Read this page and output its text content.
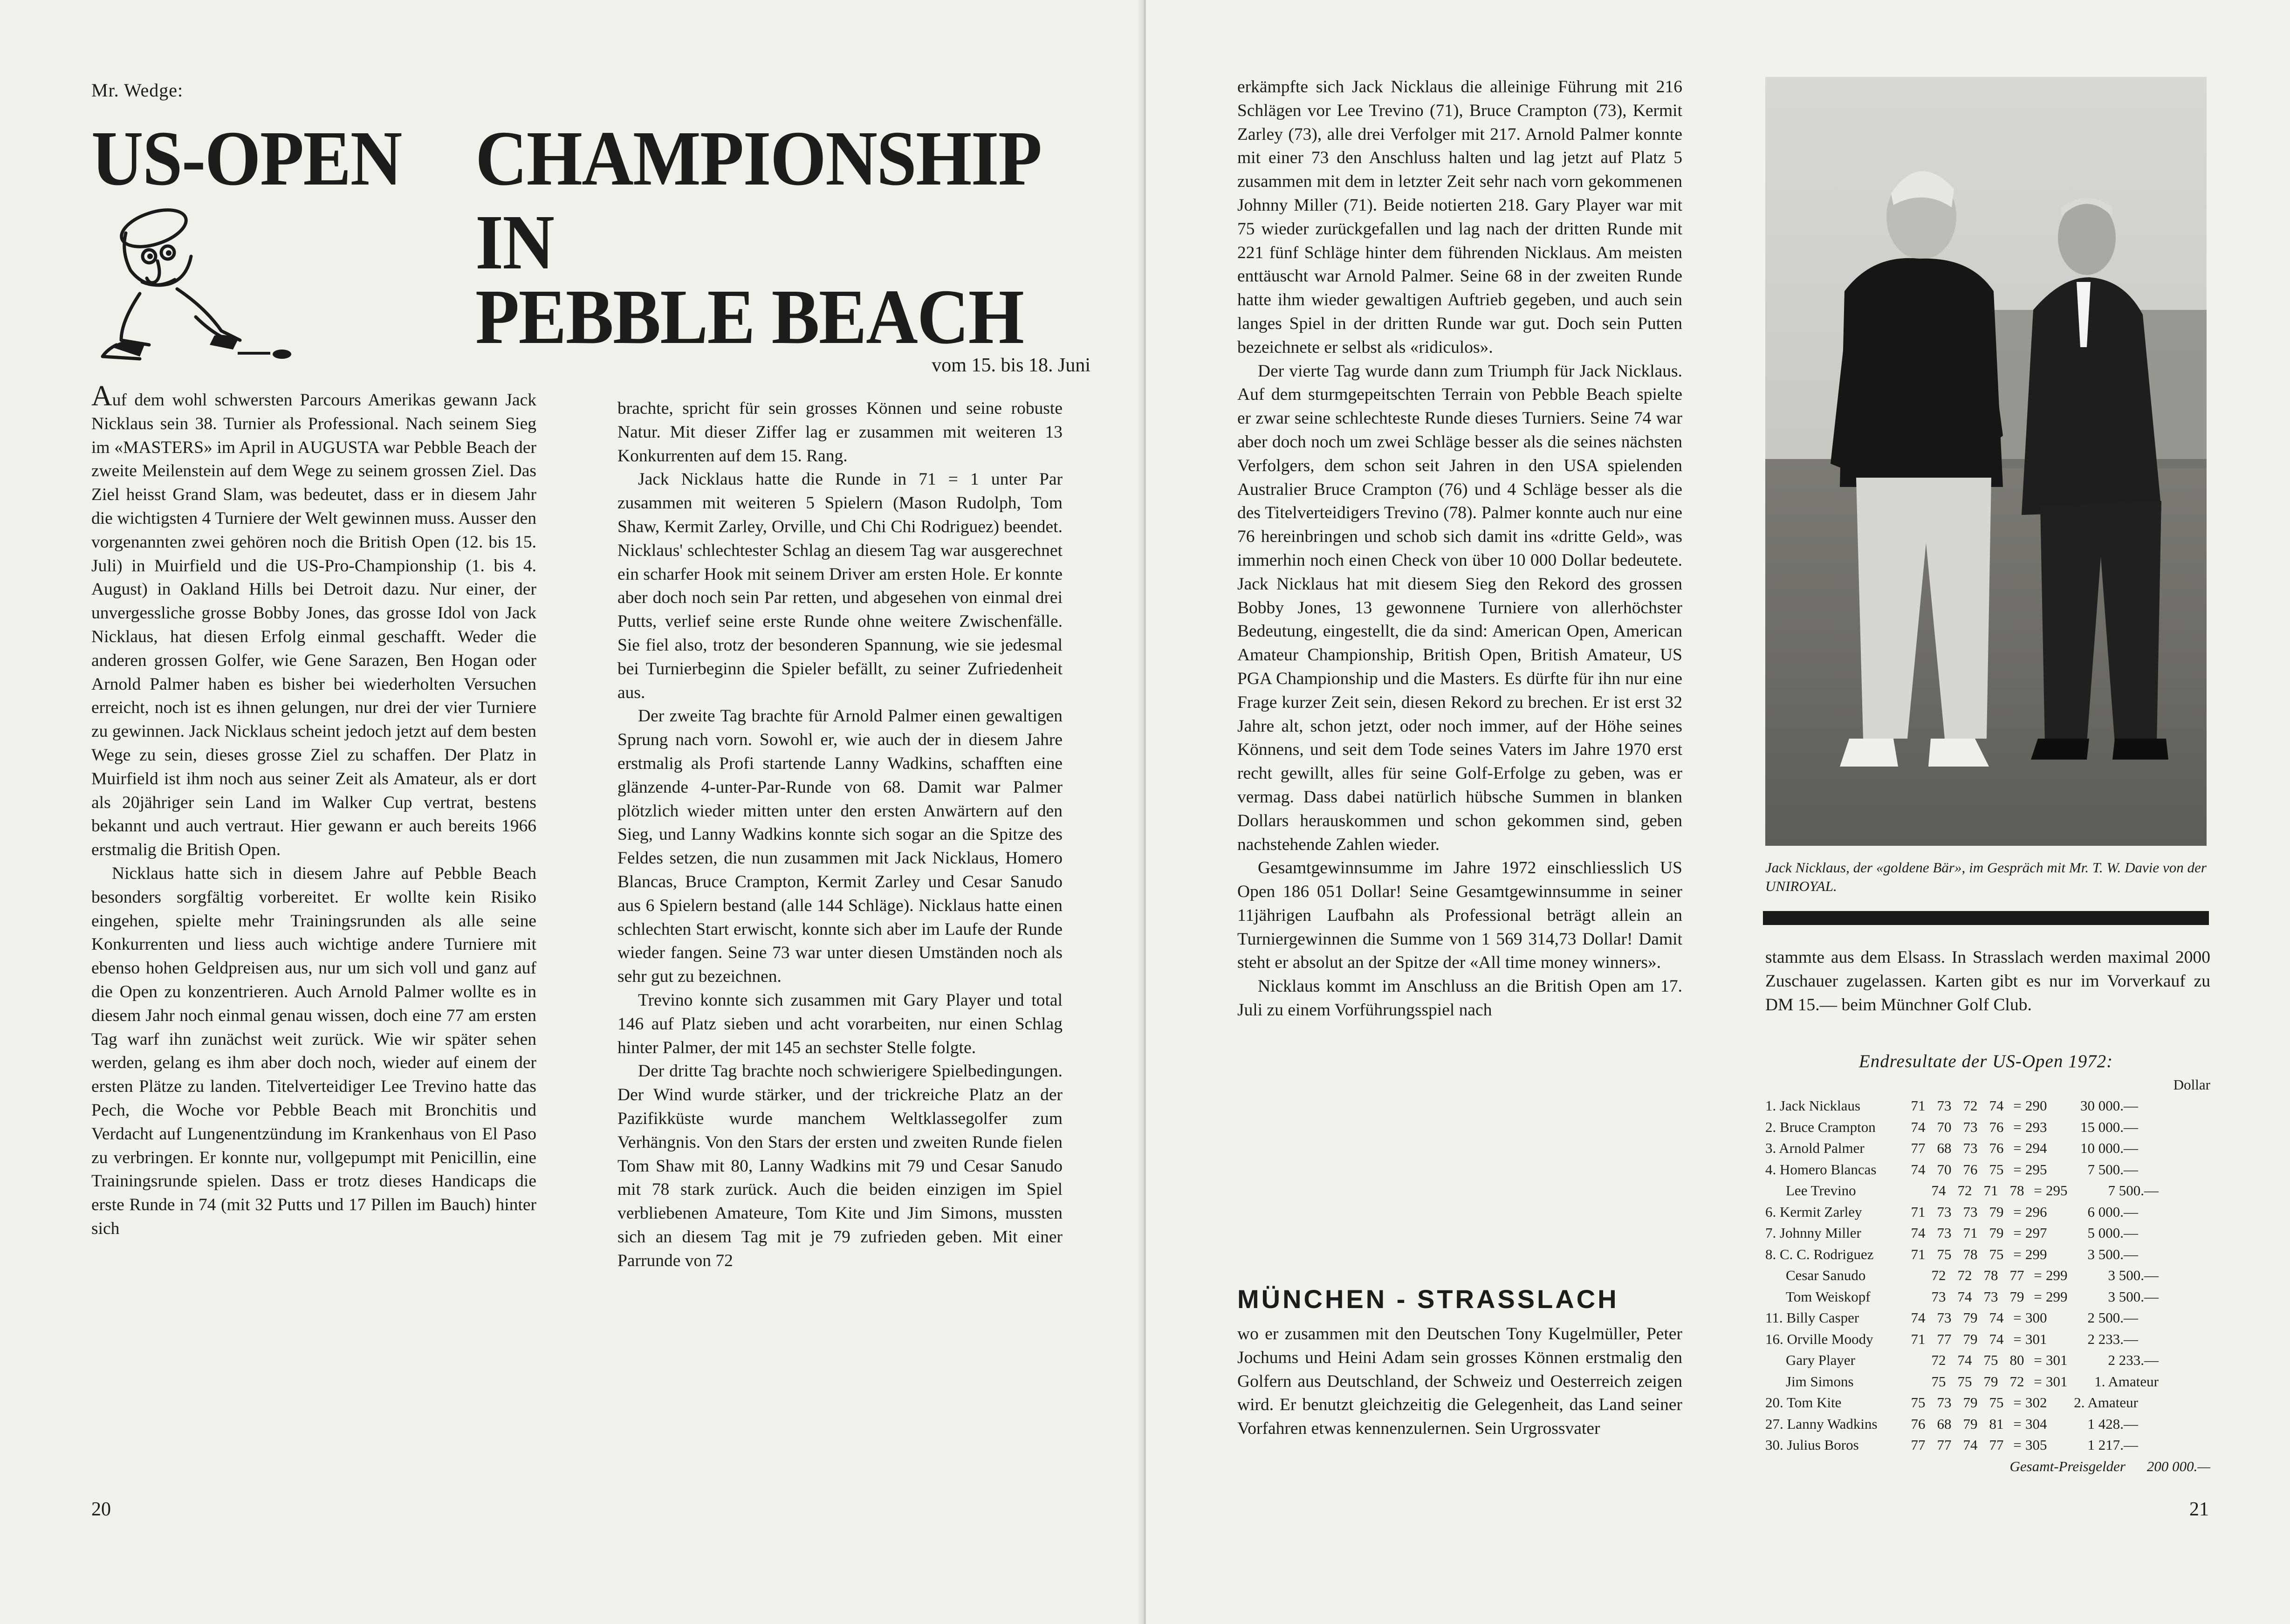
Mr. Wedge:
US-OPEN CHAMPIONSHIP
IN
PEBBLE BEACH
vom 15. bis 18. Juni

Auf dem wohl schwersten Parcours Amerikas gewann Jack Nicklaus sein 38. Turnier als Professional. Nach seinem Sieg im «MASTERS» im April in AUGUSTA war Pebble Beach der zweite Meilenstein auf dem Wege zu seinem grossen Ziel. Das Ziel heisst Grand Slam, was bedeutet, dass er in diesem Jahr die wichtigsten 4 Turniere der Welt gewinnen muss. Ausser den vorgenannten zwei gehören noch die British Open (12. bis 15. Juli) in Muirfield und die US-Pro-Championship (1. bis 4. August) in Oakland Hills bei Detroit dazu. Nur einer, der unvergessliche grosse Bobby Jones, das grosse Idol von Jack Nicklaus, hat diesen Erfolg einmal geschafft. Weder die anderen grossen Golfer, wie Gene Sarazen, Ben Hogan oder Arnold Palmer haben es bisher bei wiederholten Versuchen erreicht, noch ist es ihnen gelungen, nur drei der vier Turniere zu gewinnen. Jack Nicklaus scheint jedoch jetzt auf dem besten Wege zu sein, dieses grosse Ziel zu schaffen. Der Platz in Muirfield ist ihm noch aus seiner Zeit als Amateur, als er dort als 20jähriger sein Land im Walker Cup vertrat, bestens bekannt und auch vertraut. Hier gewann er auch bereits 1966 erstmalig die British Open.

Nicklaus hatte sich in diesem Jahre auf Pebble Beach besonders sorgfältig vorbereitet. Er wollte kein Risiko eingehen, spielte mehr Trainingsrunden als alle seine Konkurrenten und liess auch wichtige andere Turniere mit ebenso hohen Geldpreisen aus, nur um sich voll und ganz auf die Open zu konzentrieren. Auch Arnold Palmer wollte es in diesem Jahr noch einmal genau wissen, doch eine 77 am ersten Tag warf ihn zunächst weit zurück. Wie wir später sehen werden, gelang es ihm aber doch noch, wieder auf einem der ersten Plätze zu landen. Titelverteidiger Lee Trevino hatte das Pech, die Woche vor Pebble Beach mit Bronchitis und Verdacht auf Lungenentzündung im Krankenhaus von El Paso zu verbringen. Er konnte nur, vollgepumpt mit Penicillin, eine Trainingsrunde spielen. Dass er trotz dieses Handicaps die erste Runde in 74 (mit 32 Putts und 17 Pillen im Bauch) hinter sich

brachte, spricht für sein grosses Können und seine robuste Natur. Mit dieser Ziffer lag er zusammen mit weiteren 13 Konkurrenten auf dem 15. Rang.

Jack Nicklaus hatte die Runde in 71 = 1 unter Par zusammen mit weiteren 5 Spielern (Mason Rudolph, Tom Shaw, Kermit Zarley, Orville, und Chi Chi Rodriguez) beendet. Nicklaus' schlechtester Schlag an diesem Tag war ausgerechnet ein scharfer Hook mit seinem Driver am ersten Hole. Er konnte aber doch noch sein Par retten, und abgesehen von einmal drei Putts, verlief seine erste Runde ohne weitere Zwischenfälle. Sie fiel also, trotz der besonderen Spannung, wie sie jedesmal bei Turnierbeginn die Spieler befällt, zu seiner Zufriedenheit aus.

Der zweite Tag brachte für Arnold Palmer einen gewaltigen Sprung nach vorn. Sowohl er, wie auch der in diesem Jahre erstmalig als Profi startende Lanny Wadkins, schafften eine glänzende 4-unter-Par-Runde von 68. Damit war Palmer plötzlich wieder mitten unter den ersten Anwärtern auf den Sieg, und Lanny Wadkins konnte sich sogar an die Spitze des Feldes setzen, die nun zusammen mit Jack Nicklaus, Homero Blancas, Bruce Crampton, Kermit Zarley und Cesar Sanudo aus 6 Spielern bestand (alle 144 Schläge). Nicklaus hatte einen schlechten Start erwischt, konnte sich aber im Laufe der Runde wieder fangen. Seine 73 war unter diesen Umständen noch als sehr gut zu bezeichnen.

Trevino konnte sich zusammen mit Gary Player und total 146 auf Platz sieben und acht vorarbeiten, nur einen Schlag hinter Palmer, der mit 145 an sechster Stelle folgte.

Der dritte Tag brachte noch schwierigere Spielbedingungen. Der Wind wurde stärker, und der trickreiche Platz an der Pazifikküste wurde manchem Weltklassegolfer zum Verhängnis. Von den Stars der ersten und zweiten Runde fielen Tom Shaw mit 80, Lanny Wadkins mit 79 und Cesar Sanudo mit 78 stark zurück. Auch die beiden einzigen im Spiel verbliebenen Amateure, Tom Kite und Jim Simons, mussten sich an diesem Tag mit je 79 zufrieden geben. Mit einer Parrunde von 72

20

erkämpfte sich Jack Nicklaus die alleinige Führung mit 216 Schlägen vor Lee Trevino (71), Bruce Crampton (73), Kermit Zarley (73), alle drei Verfolger mit 217. Arnold Palmer konnte mit einer 73 den Anschluss halten und lag jetzt auf Platz 5 zusammen mit dem in letzter Zeit sehr nach vorn gekommenen Johnny Miller (71). Beide notierten 218. Gary Player war mit 75 wieder zurückgefallen und lag nach der dritten Runde mit 221 fünf Schläge hinter dem führenden Nicklaus. Am meisten enttäuscht war Arnold Palmer. Seine 68 in der zweiten Runde hatte ihm wieder gewaltigen Auftrieb gegeben, und auch sein langes Spiel in der dritten Runde war gut. Doch sein Putten bezeichnete er selbst als «ridiculos».

Der vierte Tag wurde dann zum Triumph für Jack Nicklaus. Auf dem sturmgepeitschten Terrain von Pebble Beach spielte er zwar seine schlechteste Runde dieses Turniers. Seine 74 war aber doch noch um zwei Schläge besser als die seines nächsten Verfolgers, dem schon seit Jahren in den USA spielenden Australier Bruce Crampton (76) und 4 Schläge besser als die des Titelverteidigers Trevino (78). Palmer konnte auch nur eine 76 hereinbringen und schob sich damit ins «dritte Geld», was immerhin noch einen Check von über 10 000 Dollar bedeutete. Jack Nicklaus hat mit diesem Sieg den Rekord des grossen Bobby Jones, 13 gewonnene Turniere von allerhöchster Bedeutung, eingestellt, die da sind: American Open, American Amateur Championship, British Open, British Amateur, US PGA Championship und die Masters. Es dürfte für ihn nur eine Frage kurzer Zeit sein, diesen Rekord zu brechen. Er ist erst 32 Jahre alt, schon jetzt, oder noch immer, auf der Höhe seines Könnens, und seit dem Tode seines Vaters im Jahre 1970 erst recht gewillt, alles für seine Golf-Erfolge zu geben, was er vermag. Dass dabei natürlich hübsche Summen in blanken Dollars herauskommen und schon gekommen sind, geben nachstehende Zahlen wieder.

Gesamtgewinnsumme im Jahre 1972 einschliesslich US Open 186 051 Dollar! Seine Gesamtgewinnsumme in seiner 11jährigen Laufbahn als Professional beträgt allein an Turniergewinnen die Summe von 1 569 314,73 Dollar! Damit steht er absolut an der Spitze der «All time money winners».

Nicklaus kommt im Anschluss an die British Open am 17. Juli zu einem Vorführungsspiel nach

MÜNCHEN - STRASSLACH

wo er zusammen mit den Deutschen Tony Kugelmüller, Peter Jochums und Heini Adam sein grosses Können erstmalig den Golfern aus Deutschland, der Schweiz und Oesterreich zeigen wird. Er benutzt gleichzeitig die Gelegenheit, das Land seiner Vorfahren etwas kennenzulernen. Sein Urgrossvater

Jack Nicklaus, der «goldene Bär», im Gespräch mit Mr. T. W. Davie von der UNIROYAL.

stammte aus dem Elsass. In Strasslach werden maximal 2000 Zuschauer zugelassen. Karten gibt es nur im Vorverkauf zu DM 15.— beim Münchner Golf Club.

Endresultate der US-Open 1972:
Dollar
1. Jack Nicklaus	71 73 72 74 = 290	30 000.—
2. Bruce Crampton	74 70 73 76 = 293	15 000.—
3. Arnold Palmer	77 68 73 76 = 294	10 000.—
4. Homero Blancas	74 70 76 75 = 295	7 500.—
Lee Trevino	74 72 71 78 = 295	7 500.—
6. Kermit Zarley	71 73 73 79 = 296	6 000.—
7. Johnny Miller	74 73 71 79 = 297	5 000.—
8. C. C. Rodriguez	71 75 78 75 = 299	3 500.—
Cesar Sanudo	72 72 78 77 = 299	3 500.—
Tom Weiskopf	73 74 73 79 = 299	3 500.—
11. Billy Casper	74 73 79 74 = 300	2 500.—
16. Orville Moody	71 77 79 74 = 301	2 233.—
Gary Player	72 74 75 80 = 301	2 233.—
Jim Simons	75 75 79 72 = 301	1. Amateur
20. Tom Kite	75 73 79 75 = 302	2. Amateur
27. Lanny Wadkins	76 68 79 81 = 304	1 428.—
30. Julius Boros	77 77 74 77 = 305	1 217.—
Gesamt-Preisgelder 200 000.—
21
